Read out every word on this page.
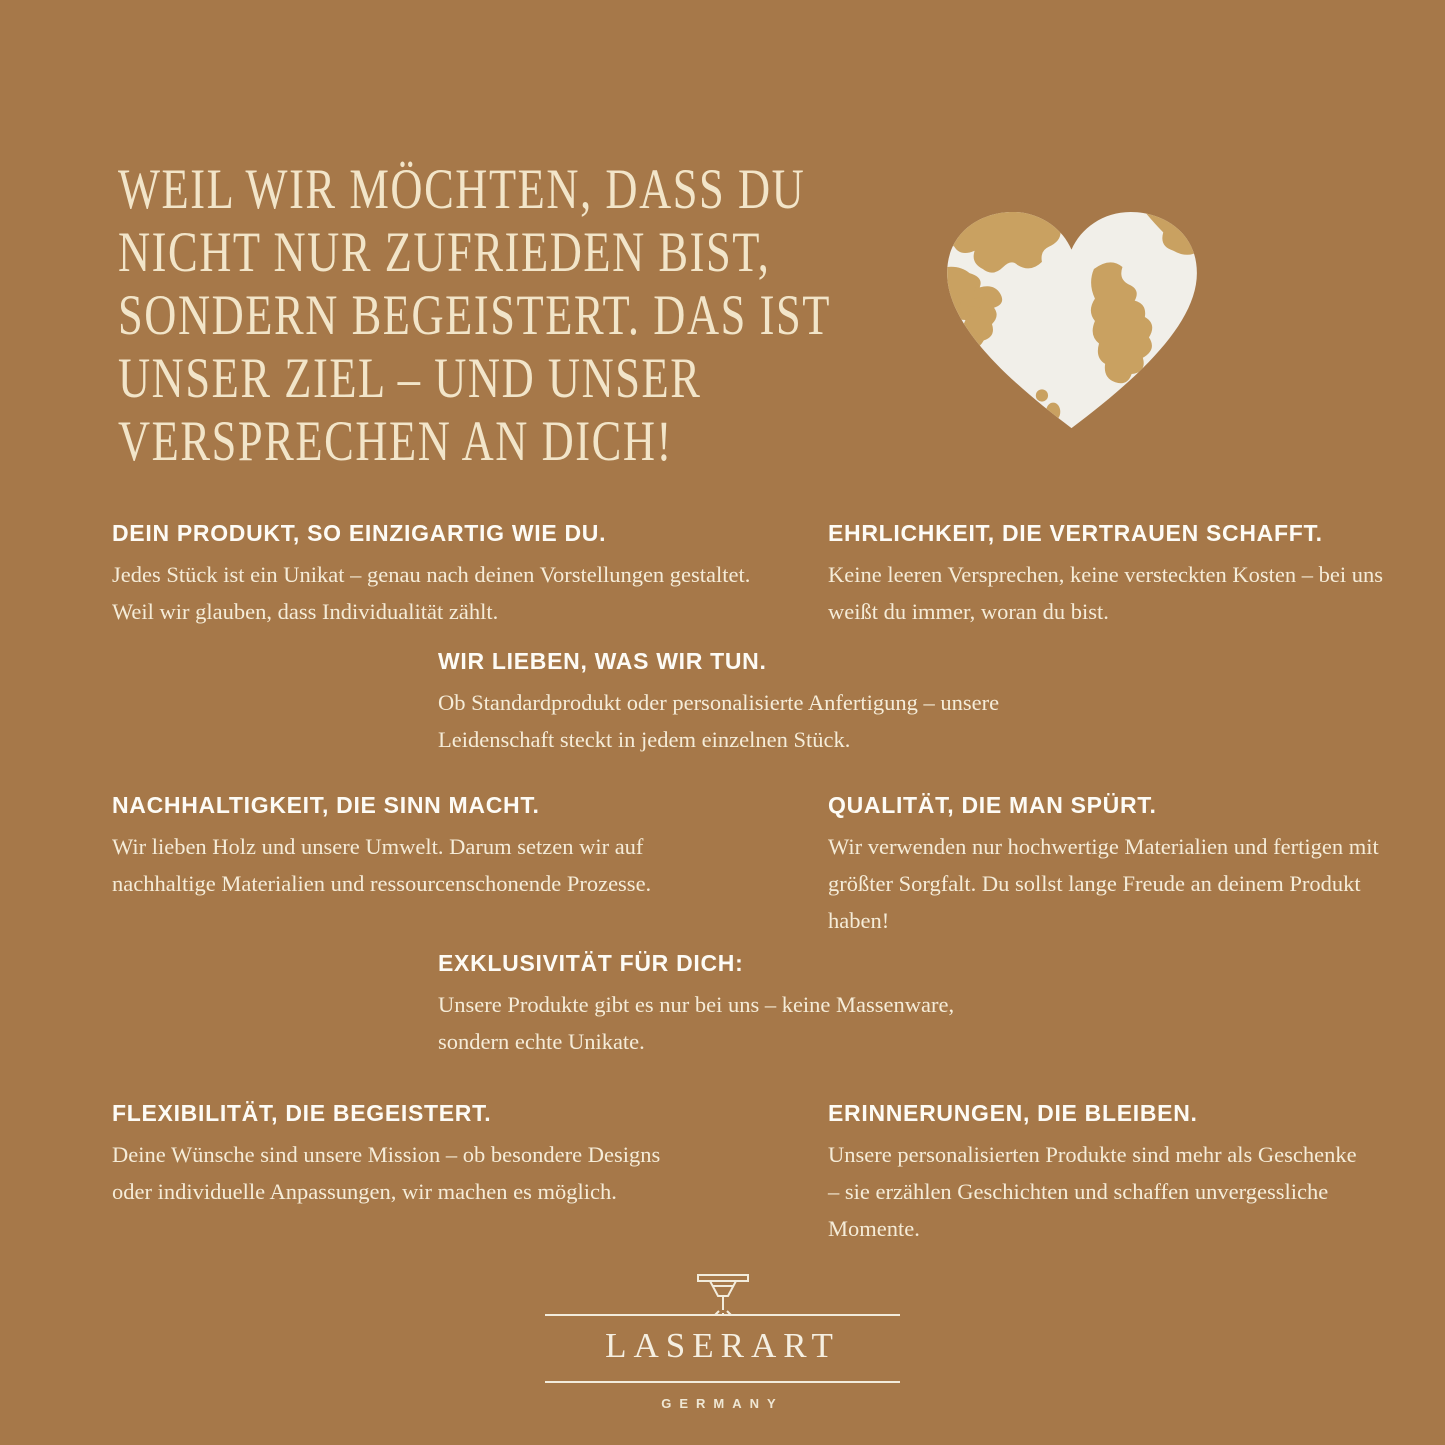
WEIL WIR MÖCHTEN, DASS DU
NICHT NUR ZUFRIEDEN BIST,
SONDERN BEGEISTERT. DAS IST
UNSER ZIEL – UND UNSER
VERSPRECHEN AN DICH!
DEIN PRODUKT, SO EINZIGARTIG WIE DU.

Jedes Stück ist ein Unikat – genau nach deinen Vorstellungen gestaltet. Weil wir glauben, dass Individualität zählt.

EHRLICHKEIT, DIE VERTRAUEN SCHAFFT.

Keine leeren Versprechen, keine versteckten Kosten – bei uns weißt du immer, woran du bist.

WIR LIEBEN, WAS WIR TUN.

Ob Standardprodukt oder personalisierte Anfertigung – unsere Leidenschaft steckt in jedem einzelnen Stück.

NACHHALTIGKEIT, DIE SINN MACHT.

Wir lieben Holz und unsere Umwelt. Darum setzen wir auf nachhaltige Materialien und ressourcenschonende Prozesse.

QUALITÄT, DIE MAN SPÜRT.

Wir verwenden nur hochwertige Materialien und fertigen mit größter Sorgfalt. Du sollst lange Freude an deinem Produkt haben!

EXKLUSIVITÄT FÜR DICH:

Unsere Produkte gibt es nur bei uns – keine Massenware, sondern echte Unikate.

FLEXIBILITÄT, DIE BEGEISTERT.

Deine Wünsche sind unsere Mission – ob besondere Designs oder individuelle Anpassungen, wir machen es möglich.

ERINNERUNGEN, DIE BLEIBEN.

Unsere personalisierten Produkte sind mehr als Geschenke – sie erzählen Geschichten und schaffen unvergessliche Momente.

LASERART
GERMANY
